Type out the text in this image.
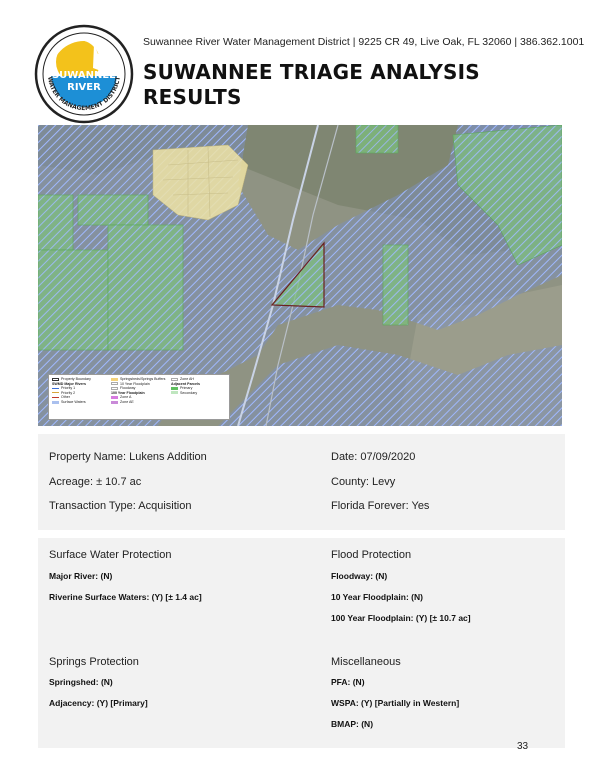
SUWANNEE
RIVER
WATER MANAGEMENT DISTRICT
Suwannee River Water Management District | 9225 CR 49, Live Oak, FL 32060 | 386.362.1001
SUWANNEE TRIAGE ANALYSIS RESULTS
Property Boundary
SWMD Major Rivers
Priority 1
Priority 2
Other
Surface Waters
Springsheds/Springs Buffers
10 Year Floodplain
Floodway
100 Year Floodplain
Zone A
Zone AE
Zone AH
Adjacent Parcels
Primary
Secondary
Property Name: Lukens Addition	Date: 07/09/2020
Acreage: ± 10.7 ac	County: Levy
Transaction Type: Acquisition	Florida Forever: Yes
Surface Water Protection
Major River: (N)
Riverine Surface Waters: (Y) [± 1.4 ac]
Flood Protection
Floodway: (N)
10 Year Floodplain: (N)
100 Year Floodplain: (Y) [± 10.7 ac]
Springs Protection
Springshed: (N)
Adjacency: (Y) [Primary]
Miscellaneous
PFA: (N)
WSPA: (Y) [Partially in Western]
BMAP: (N)
33
